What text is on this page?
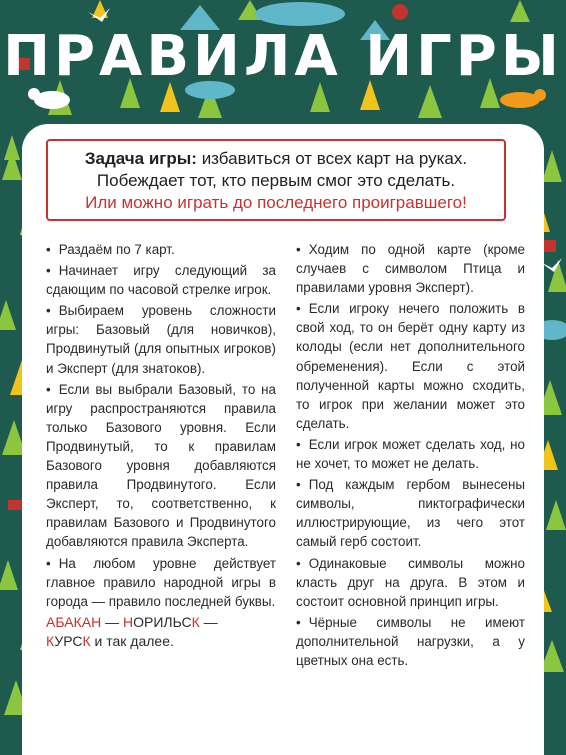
ПРАВИЛА ИГРЫ
Задача игры: избавиться от всех карт на руках.
Побеждает тот, кто первым смог это сделать.
Или можно играть до последнего проигравшего!

• Раздаём по 7 карт.

• Начинает игру следующий за сдающим по часовой стрелке игрок.

• Выбираем уровень сложности игры: Базовый (для новичков), Продвинутый (для опытных игроков) и Эксперт (для знатоков).

• Если вы выбрали Базовый, то на игру распространяются правила только Базового уровня. Если Продвинутый, то к правилам Базового уровня добавляются правила Продвинутого. Если Эксперт, то, соответственно, к правилам Базового и Продвинутого добавляются правила Эксперта.

• На любом уровне действует главное правило народной игры в города — правило последней буквы.

АБАКАН — НОРИЛЬСК —
КУРСК и так далее.

• Ходим по одной карте (кроме случаев с символом Птица и правилами уровня Эксперт).

• Если игроку нечего положить в свой ход, то он берёт одну карту из колоды (если нет дополнительного обременения). Если с этой полученной карты можно сходить, то игрок при желании может это сделать.

• Если игрок может сделать ход, но не хочет, то может не делать.

• Под каждым гербом вынесены символы, пиктографически иллюстрирующие, из чего этот самый герб состоит.

• Одинаковые символы можно класть друг на друга. В этом и состоит основной принцип игры.

• Чёрные символы не имеют дополнительной нагрузки, а у цветных она есть.
